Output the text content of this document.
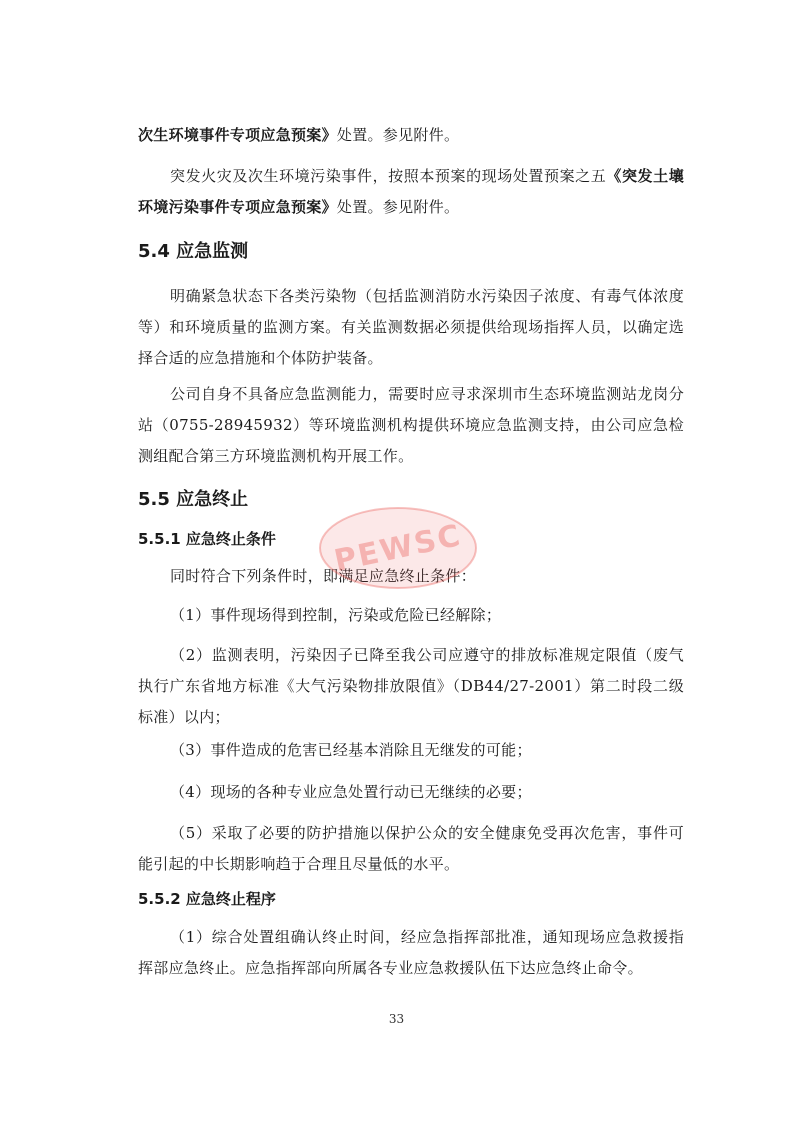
次生环境事件专项应急预案》处置。参见附件。

突发火灾及次生环境污染事件，按照本预案的现场处置预案之五《突发土壤环境污染事件专项应急预案》处置。参见附件。

5.4 应急监测

明确紧急状态下各类污染物（包括监测消防水污染因子浓度、有毒气体浓度等）和环境质量的监测方案。有关监测数据必须提供给现场指挥人员，以确定选择合适的应急措施和个体防护装备。

公司自身不具备应急监测能力，需要时应寻求深圳市生态环境监测站龙岗分站（0755-28945932）等环境监测机构提供环境应急监测支持，由公司应急检测组配合第三方环境监测机构开展工作。

5.5 应急终止
5.5.1 应急终止条件

同时符合下列条件时，即满足应急终止条件：

（1）事件现场得到控制，污染或危险已经解除；

（2）监测表明，污染因子已降至我公司应遵守的排放标准规定限值（废气执行广东省地方标准《大气污染物排放限值》（DB44/27-2001）第二时段二级标准）以内；

（3）事件造成的危害已经基本消除且无继发的可能；

（4）现场的各种专业应急处置行动已无继续的必要；

（5）采取了必要的防护措施以保护公众的安全健康免受再次危害，事件可能引起的中长期影响趋于合理且尽量低的水平。

5.5.2 应急终止程序

（1）综合处置组确认终止时间，经应急指挥部批准，通知现场应急救援指挥部应急终止。应急指挥部向所属各专业应急救援队伍下达应急终止命令。

PEWSC
33
